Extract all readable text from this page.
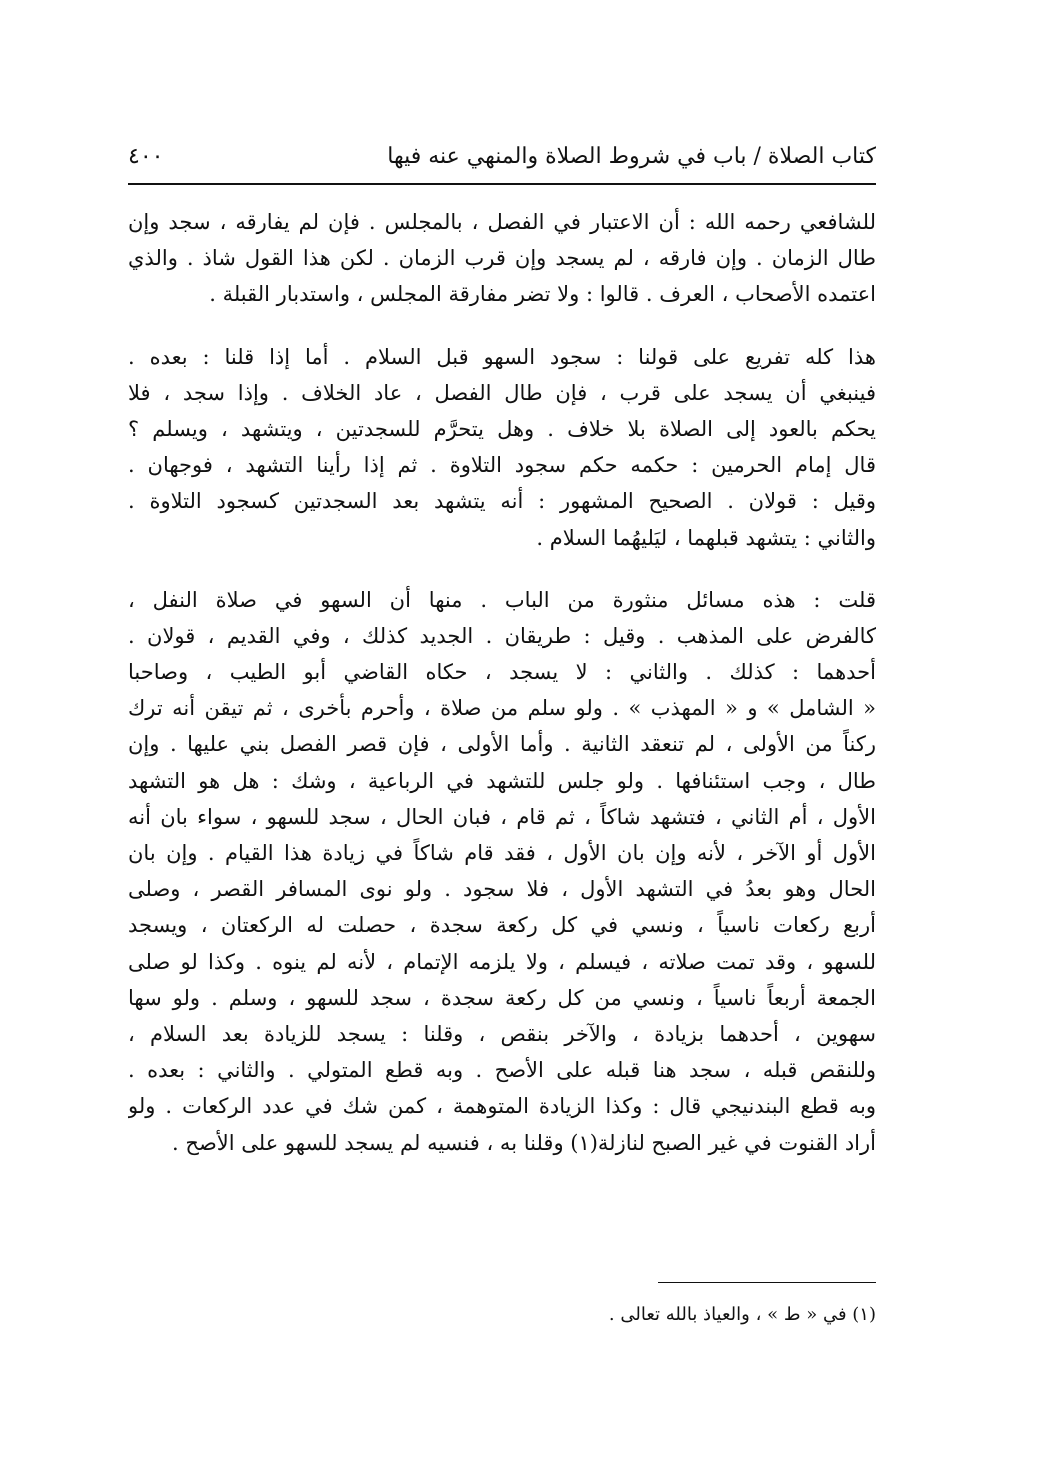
كتاب الصلاة / باب في شروط الصلاة والمنهي عنه فيها
٤٠٠
للشافعي رحمه الله : أن الاعتبار في الفصل ، بالمجلس . فإن لم يفارقه ، سجد وإن
طال الزمان . وإن فارقه ، لم يسجد وإن قرب الزمان . لكن هذا القول شاذ . والذي
اعتمده الأصحاب ، العرف . قالوا : ولا تضر مفارقة المجلس ، واستدبار القبلة .
هذا كله تفريع على قولنا : سجود السهو قبل السلام . أما إذا قلنا : بعده .
فينبغي أن يسجد على قرب ، فإن طال الفصل ، عاد الخلاف . وإذا سجد ، فلا
يحكم بالعود إلى الصلاة بلا خلاف . وهل يتحرَّم للسجدتين ، ويتشهد ، ويسلم ؟
قال إمام الحرمين : حكمه حكم سجود التلاوة . ثم إذا رأينا التشهد ، فوجهان .
وقيل : قولان . الصحيح المشهور : أنه يتشهد بعد السجدتين كسجود التلاوة .
والثاني : يتشهد قبلهما ، ليَليهُما السلام .
قلت : هذه مسائل منثورة من الباب . منها أن السهو في صلاة النفل ،
كالفرض على المذهب . وقيل : طريقان . الجديد كذلك ، وفي القديم ، قولان .
أحدهما : كذلك . والثاني : لا يسجد ، حكاه القاضي أبو الطيب ، وصاحبا
« الشامل » و « المهذب » . ولو سلم من صلاة ، وأحرم بأخرى ، ثم تيقن أنه ترك
ركناً من الأولى ، لم تنعقد الثانية . وأما الأولى ، فإن قصر الفصل بني عليها . وإن
طال ، وجب استئنافها . ولو جلس للتشهد في الرباعية ، وشك : هل هو التشهد
الأول ، أم الثاني ، فتشهد شاكاً ، ثم قام ، فبان الحال ، سجد للسهو ، سواء بان أنه
الأول أو الآخر ، لأنه وإن بان الأول ، فقد قام شاكاً في زيادة هذا القيام . وإن بان
الحال وهو بعدُ في التشهد الأول ، فلا سجود . ولو نوى المسافر القصر ، وصلى
أربع ركعات ناسياً ، ونسي في كل ركعة سجدة ، حصلت له الركعتان ، ويسجد
للسهو ، وقد تمت صلاته ، فيسلم ، ولا يلزمه الإتمام ، لأنه لم ينوه . وكذا لو صلى
الجمعة أربعاً ناسياً ، ونسي من كل ركعة سجدة ، سجد للسهو ، وسلم . ولو سها
سهوين ، أحدهما بزيادة ، والآخر بنقص ، وقلنا : يسجد للزيادة بعد السلام ،
وللنقص قبله ، سجد هنا قبله على الأصح . وبه قطع المتولي . والثاني : بعده .
وبه قطع البندنيجي قال : وكذا الزيادة المتوهمة ، كمن شك في عدد الركعات . ولو
أراد القنوت في غير الصبح لنازلة(١) وقلنا به ، فنسيه لم يسجد للسهو على الأصح .
(١) في « ط » ، والعياذ بالله تعالى .
